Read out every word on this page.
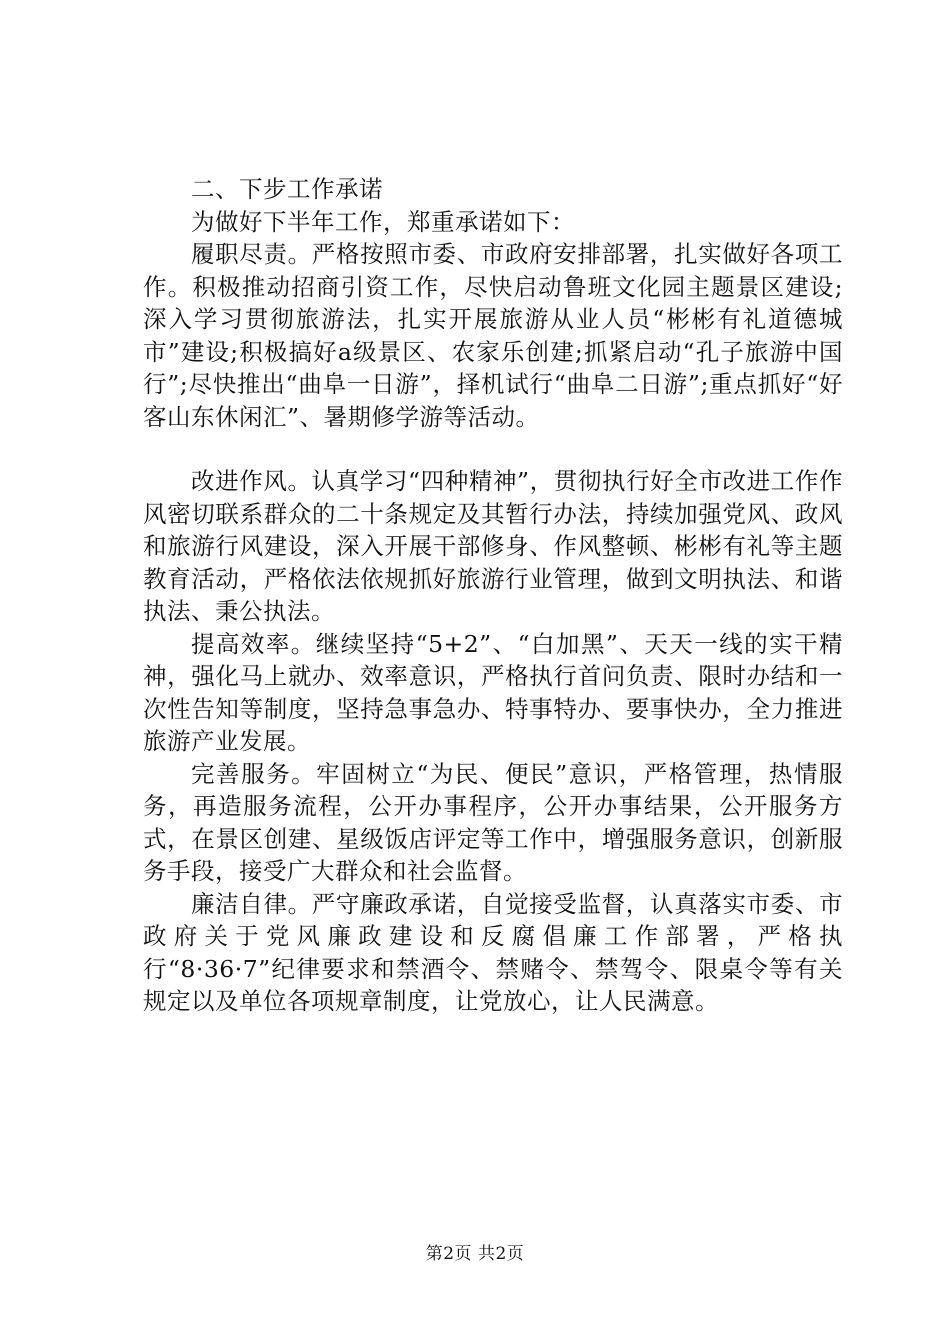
二、下步工作承诺

为做好下半年工作，郑重承诺如下：

履职尽责。严格按照市委、市政府安排部署，扎实做好各项工作。积极推动招商引资工作，尽快启动鲁班文化园主题景区建设;深入学习贯彻旅游法，扎实开展旅游从业人员“彬彬有礼道德城市”建设;积极搞好a级景区、农家乐创建;抓紧启动“孔子旅游中国行”;尽快推出“曲阜一日游”，择机试行“曲阜二日游”;重点抓好“好客山东休闲汇”、暑期修学游等活动。

改进作风。认真学习“四种精神”，贯彻执行好全市改进工作作风密切联系群众的二十条规定及其暂行办法，持续加强党风、政风和旅游行风建设，深入开展干部修身、作风整顿、彬彬有礼等主题教育活动，严格依法依规抓好旅游行业管理，做到文明执法、和谐执法、秉公执法。

提高效率。继续坚持“5+2”、“白加黑”、天天一线的实干精神，强化马上就办、效率意识，严格执行首问负责、限时办结和一次性告知等制度，坚持急事急办、特事特办、要事快办，全力推进旅游产业发展。

完善服务。牢固树立“为民、便民”意识，严格管理，热情服务，再造服务流程，公开办事程序，公开办事结果，公开服务方式，在景区创建、星级饭店评定等工作中，增强服务意识，创新服务手段，接受广大群众和社会监督。

廉洁自律。严守廉政承诺，自觉接受监督，认真落实市委、市政府关于党风廉政建设和反腐倡廉工作部署，严格执行“8·36·7”纪律要求和禁酒令、禁赌令、禁驾令、限桌令等有关规定以及单位各项规章制度，让党放心，让人民满意。

第2页 共2页
